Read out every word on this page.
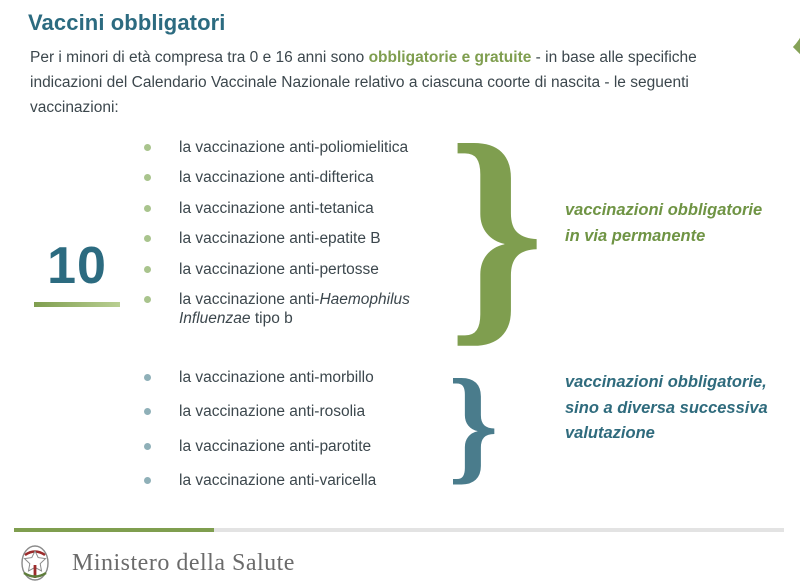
Vaccini obbligatori
Per i minori di età compresa tra 0 e 16 anni sono obbligatorie e gratuite - in base alle specifiche indicazioni del Calendario Vaccinale Nazionale relativo a ciascuna coorte di nascita - le seguenti vaccinazioni:
10
la vaccinazione anti-poliomielitica
la vaccinazione anti-difterica
la vaccinazione anti-tetanica
la vaccinazione anti-epatite B
la vaccinazione anti-pertosse
la vaccinazione anti-Haemophilus Influenzae tipo b
la vaccinazione anti-morbillo
la vaccinazione anti-rosolia
la vaccinazione anti-parotite
la vaccinazione anti-varicella
}
}
vaccinazioni obbligatorie in via permanente
vaccinazioni obbligatorie, sino a diversa successiva valutazione
Ministero della Salute
